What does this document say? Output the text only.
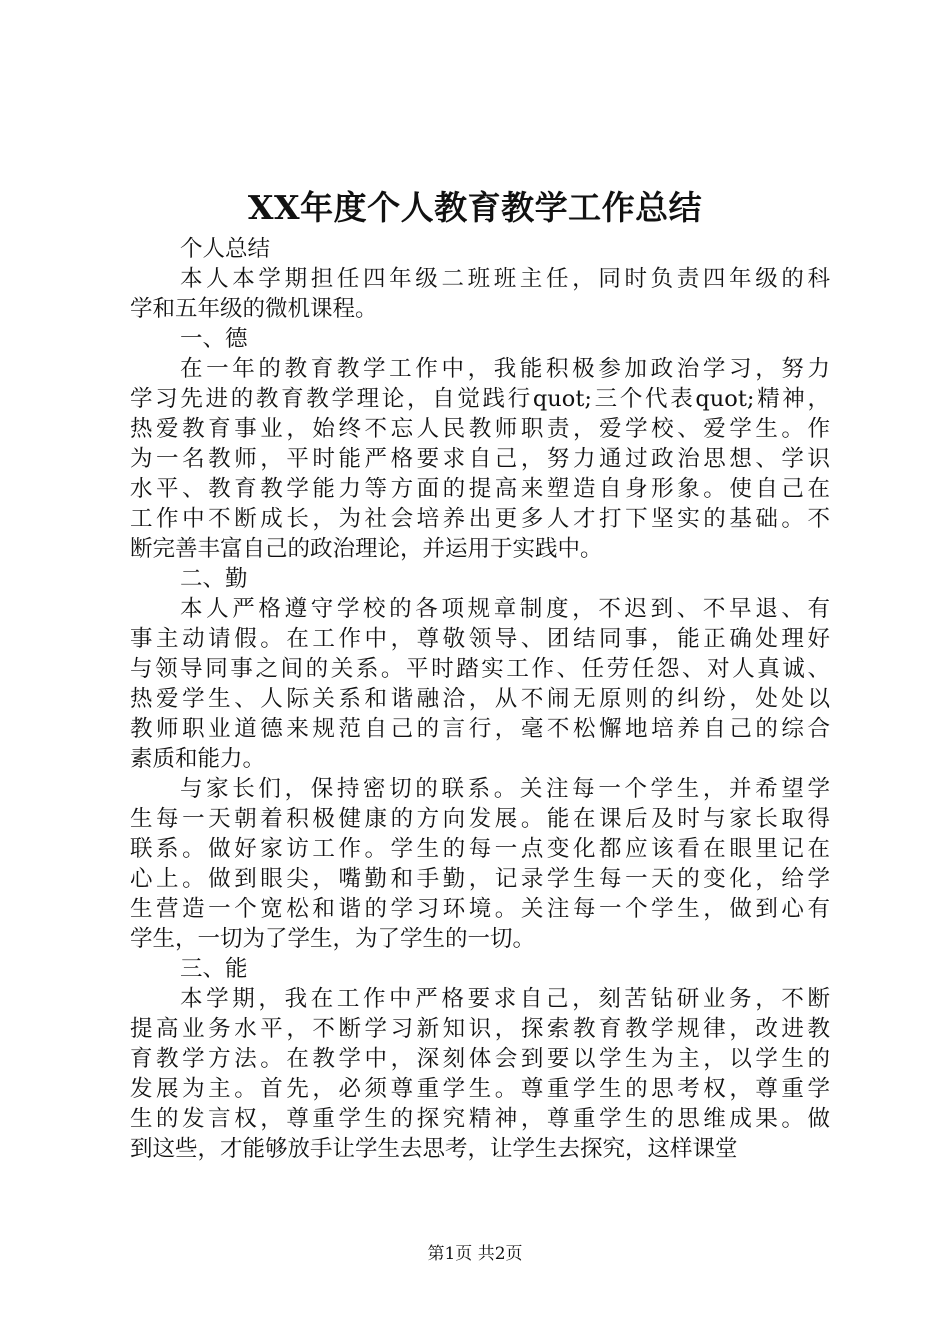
XX年度个人教育教学工作总结
个人总结
本人本学期担任四年级二班班主任，同时负责四年级的科
学和五年级的微机课程。
一、德
在一年的教育教学工作中，我能积极参加政治学习，努力
学习先进的教育教学理论，自觉践行quot;三个代表quot;精神，
热爱教育事业，始终不忘人民教师职责，爱学校、爱学生。作
为一名教师，平时能严格要求自己，努力通过政治思想、学识
水平、教育教学能力等方面的提高来塑造自身形象。使自己在
工作中不断成长，为社会培养出更多人才打下坚实的基础。不
断完善丰富自己的政治理论，并运用于实践中。
二、勤
本人严格遵守学校的各项规章制度，不迟到、不早退、有
事主动请假。在工作中，尊敬领导、团结同事，能正确处理好
与领导同事之间的关系。平时踏实工作、任劳任怨、对人真诚、
热爱学生、人际关系和谐融洽，从不闹无原则的纠纷，处处以
教师职业道德来规范自己的言行，毫不松懈地培养自己的综合
素质和能力。
与家长们，保持密切的联系。关注每一个学生，并希望学
生每一天朝着积极健康的方向发展。能在课后及时与家长取得
联系。做好家访工作。学生的每一点变化都应该看在眼里记在
心上。做到眼尖，嘴勤和手勤，记录学生每一天的变化，给学
生营造一个宽松和谐的学习环境。关注每一个学生，做到心有
学生，一切为了学生，为了学生的一切。
三、能
本学期，我在工作中严格要求自己，刻苦钻研业务，不断
提高业务水平，不断学习新知识，探索教育教学规律，改进教
育教学方法。在教学中，深刻体会到要以学生为主，以学生的
发展为主。首先，必须尊重学生。尊重学生的思考权，尊重学
生的发言权，尊重学生的探究精神，尊重学生的思维成果。做
到这些，才能够放手让学生去思考，让学生去探究，这样课堂
第1页 共2页
